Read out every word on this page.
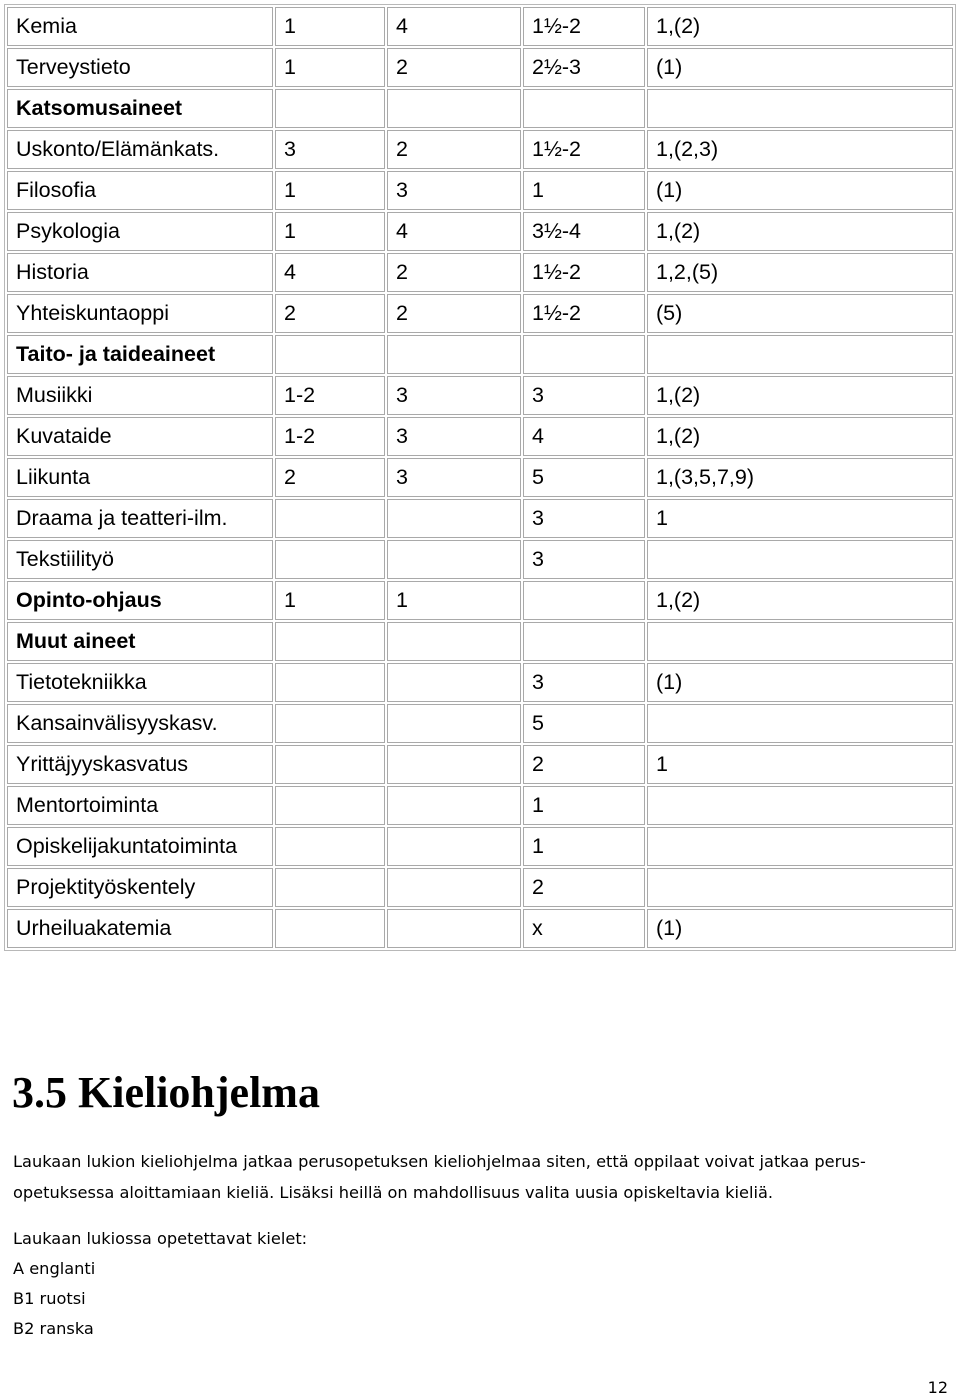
Kemia	1	4	1½-2	1,(2)
Terveystieto	1	2	2½-3	(1)
Katsomusaineet				
Uskonto/Elämänkats.	3	2	1½-2	1,(2,3)
Filosofia	1	3	1	(1)
Psykologia	1	4	3½-4	1,(2)
Historia	4	2	1½-2	1,2,(5)
Yhteiskuntaoppi	2	2	1½-2	(5)
Taito- ja taideaineet				
Musiikki	1-2	3	3	1,(2)
Kuvataide	1-2	3	4	1,(2)
Liikunta	2	3	5	1,(3,5,7,9)
Draama ja teatteri-ilm.			3	1
Tekstiilityö			3	
Opinto-ohjaus	1	1		1,(2)
Muut aineet				
Tietotekniikka			3	(1)
Kansainvälisyyskasv.			5	
Yrittäjyyskasvatus			2	1
Mentortoiminta			1	
Opiskelijakuntatoiminta			1	
Projektityöskentely			2	
Urheiluakatemia			x	(1)
3.5 Kieliohjelma

Laukaan lukion kieliohjelma jatkaa perusopetuksen kieliohjelmaa siten, että oppilaat voivat jatkaa perus-opetuksessa aloittamiaan kieliä. Lisäksi heillä on mahdollisuus valita uusia opiskeltavia kieliä.

Laukaan lukiossa opetettavat kielet:
A englanti
B1 ruotsi
B2 ranska
12
